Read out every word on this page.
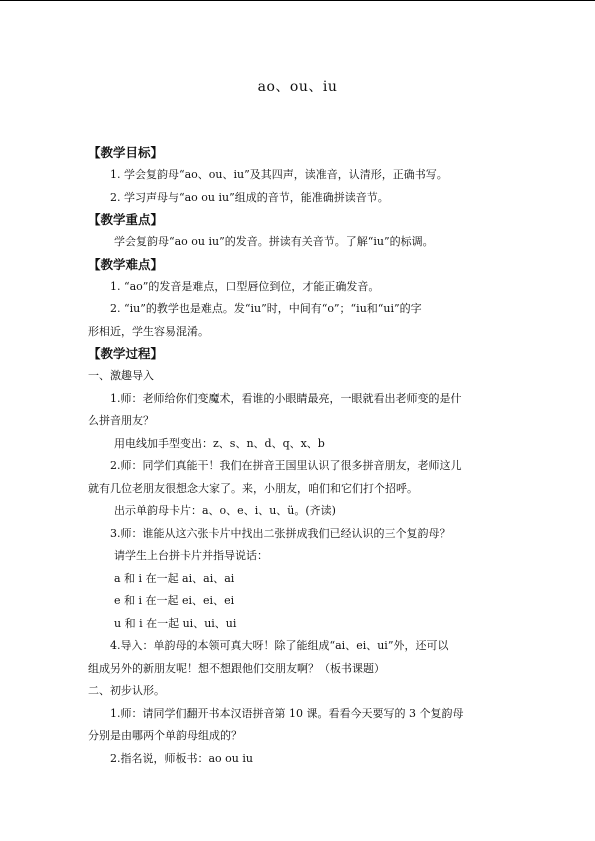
ao、ou、iu
【教学目标】
1. 学会复韵母“ao、ou、iu”及其四声，读准音，认清形，正确书写。
2. 学习声母与“ao ou iu”组成的音节，能准确拼读音节。
【教学重点】
学会复韵母“ao ou iu”的发音。拼读有关音节。了解“iu”的标调。
【教学难点】
1. “ao”的发音是难点，口型唇位到位，才能正确发音。
2. “iu”的教学也是难点。发“iu”时，中间有“o”；“iu和“ui”的字
形相近，学生容易混淆。
【教学过程】
一、激趣导入
1.师：老师给你们变魔术，看谁的小眼睛最亮，一眼就看出老师变的是什
么拼音朋友？
用电线加手型变出：z、s、n、d、q、x、b
2.师：同学们真能干！我们在拼音王国里认识了很多拼音朋友，老师这儿
就有几位老朋友很想念大家了。来，小朋友，咱们和它们打个招呼。
出示单韵母卡片：a、o、e、i、u、ü。(齐读)
3.师：谁能从这六张卡片中找出二张拼成我们已经认识的三个复韵母？
请学生上台拼卡片并指导说话：
a 和 i 在一起 ai、ai、ai
e 和 i 在一起 ei、ei、ei
u 和 i 在一起 ui、ui、ui
4.导入：单韵母的本领可真大呀！除了能组成“ai、ei、ui”外，还可以
组成另外的新朋友呢！想不想跟他们交朋友啊？（板书课题）
二、初步认形。
1.师：请同学们翻开书本汉语拼音第 10 课。看看今天要写的 3 个复韵母
分别是由哪两个单韵母组成的？
2.指名说，师板书：ao ou iu
